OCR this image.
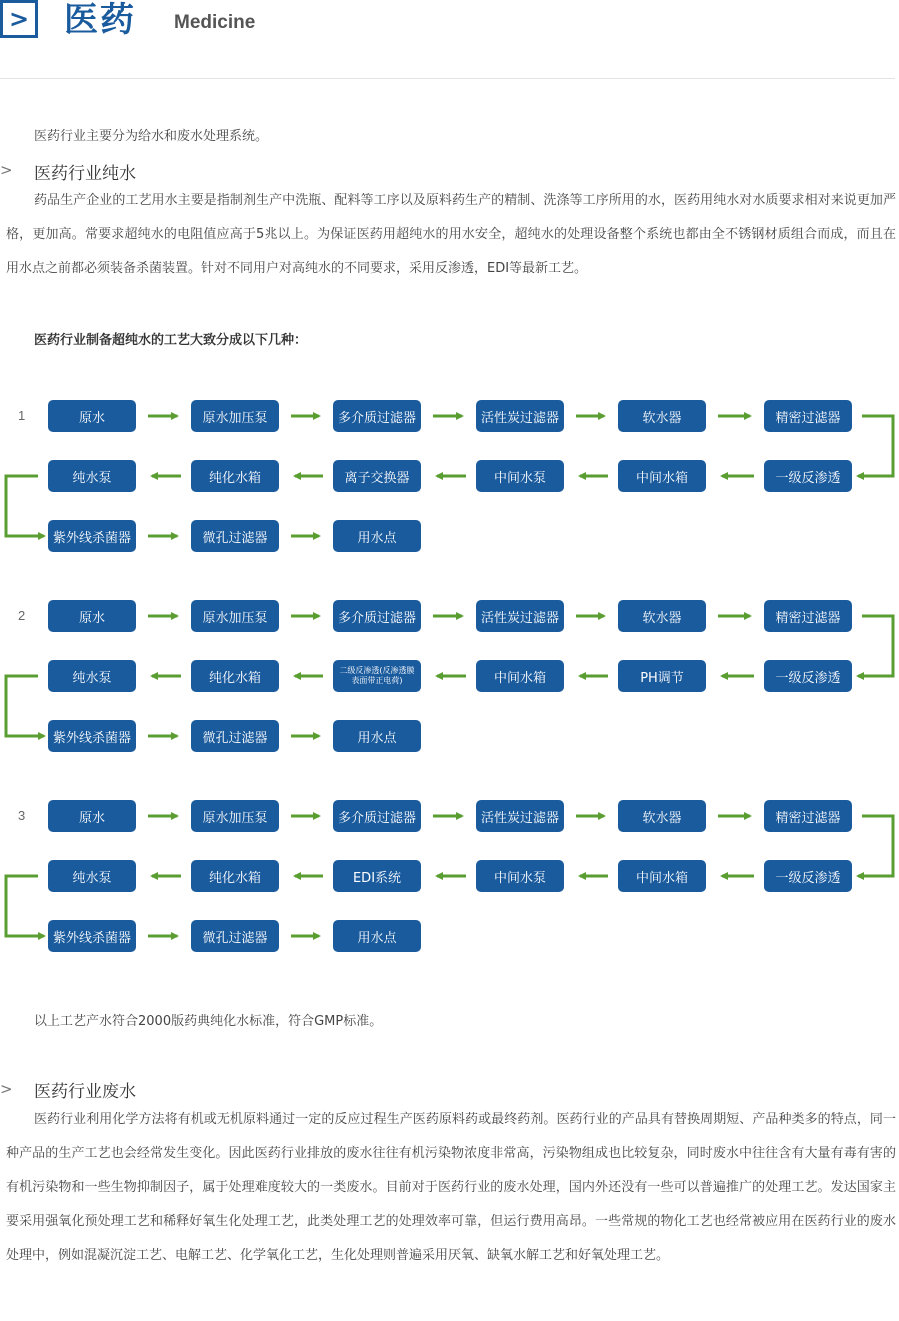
> 医药 Medicine
医药行业主要分为给水和废水处理系统。
> 医药行业纯水
药品生产企业的工艺用水主要是指制剂生产中洗瓶、配料等工序以及原料药生产的精制、洗涤等工序所用的水，医药用纯水对水质要求相对来说更加严格，更加高。常要求超纯水的电阻值应高于5兆以上。为保证医药用超纯水的用水安全，超纯水的处理设备整个系统也都由全不锈钢材质组合而成，而且在用水点之前都必须装备杀菌装置。针对不同用户对高纯水的不同要求，采用反渗透，EDI等最新工艺。
医药行业制备超纯水的工艺大致分成以下几种：
1	原水	原水加压泵	多介质过滤器	活性炭过滤器	软水器	精密过滤器
纯水泵	纯化水箱	离子交换器	中间水泵	中间水箱	一级反渗透
紫外线杀菌器	微孔过滤器	用水点
2	原水	原水加压泵	多介质过滤器	活性炭过滤器	软水器	精密过滤器
纯水泵	纯化水箱	二级反渗透(反渗透膜表面带正电荷)	中间水箱	PH调节	一级反渗透
紫外线杀菌器	微孔过滤器	用水点
3	原水	原水加压泵	多介质过滤器	活性炭过滤器	软水器	精密过滤器
纯水泵	纯化水箱	EDI系统	中间水泵	中间水箱	一级反渗透
紫外线杀菌器	微孔过滤器	用水点
以上工艺产水符合2000版药典纯化水标准，符合GMP标准。
> 医药行业废水
医药行业利用化学方法将有机或无机原料通过一定的反应过程生产医药原料药或最终药剂。医药行业的产品具有替换周期短、产品种类多的特点，同一种产品的生产工艺也会经常发生变化。因此医药行业排放的废水往往有机污染物浓度非常高，污染物组成也比较复杂，同时废水中往往含有大量有毒有害的有机污染物和一些生物抑制因子，属于处理难度较大的一类废水。目前对于医药行业的废水处理，国内外还没有一些可以普遍推广的处理工艺。发达国家主要采用强氧化预处理工艺和稀释好氧生化处理工艺，此类处理工艺的处理效率可靠，但运行费用高昂。一些常规的物化工艺也经常被应用在医药行业的废水处理中，例如混凝沉淀工艺、电解工艺、化学氧化工艺，生化处理则普遍采用厌氧、缺氧水解工艺和好氧处理工艺。
